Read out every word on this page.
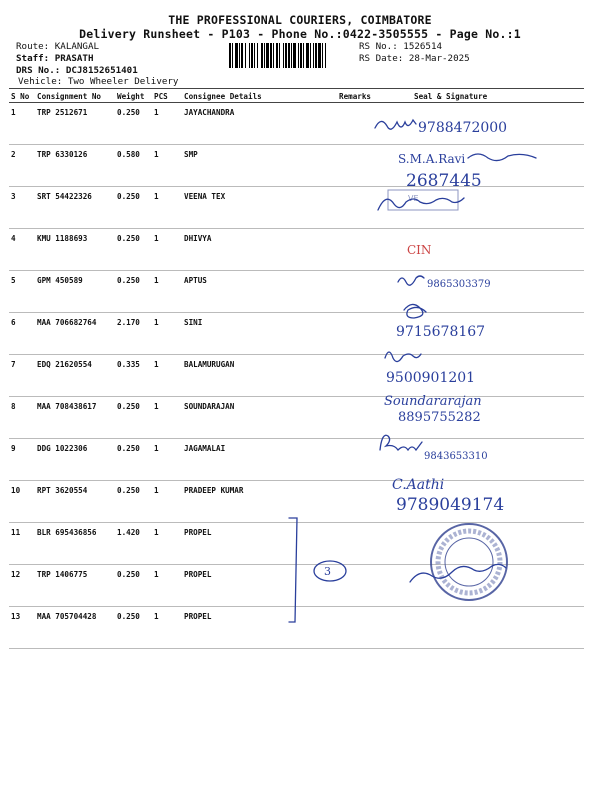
THE PROFESSIONAL COURIERS, COIMBATORE
Delivery Runsheet - P103 - Phone No.:0422-3505555 - Page No.:1
Route: KALANGAL
Staff: PRASATH
DRS No.: DCJ8152651401
Vehicle: Two Wheeler Delivery
RS No.: 1526514
RS Date: 28-Mar-2025
S No	Consignment No	Weight	PCS	Consignee Details	Remarks	Seal & Signature
1	TRP 2512671	0.250	1	JAYACHANDRA		
2	TRP 6330126	0.580	1	SMP		
3	SRT 54422326	0.250	1	VEENA TEX		
4	KMU 1188693	0.250	1	DHIVYA		
5	GPM 450589	0.250	1	APTUS		
6	MAA 706682764	2.170	1	SINI		
7	EDQ 21620554	0.335	1	BALAMURUGAN		
8	MAA 708438617	0.250	1	SOUNDARAJAN		
9	DDG 1022306	0.250	1	JAGAMALAI		
10	RPT 3620554	0.250	1	PRADEEP KUMAR		
11	BLR 695436856	1.420	1	PROPEL		
12	TRP 1406775	0.250	1	PROPEL		
13	MAA 705704428	0.250	1	PROPEL		
9788472000
S.M.A.Ravi
2687445
VE
CIN
9865303379
9715678167
9500901201
Soundararajan
8895755282
9843653310
C.Aathi
9789049174
3
